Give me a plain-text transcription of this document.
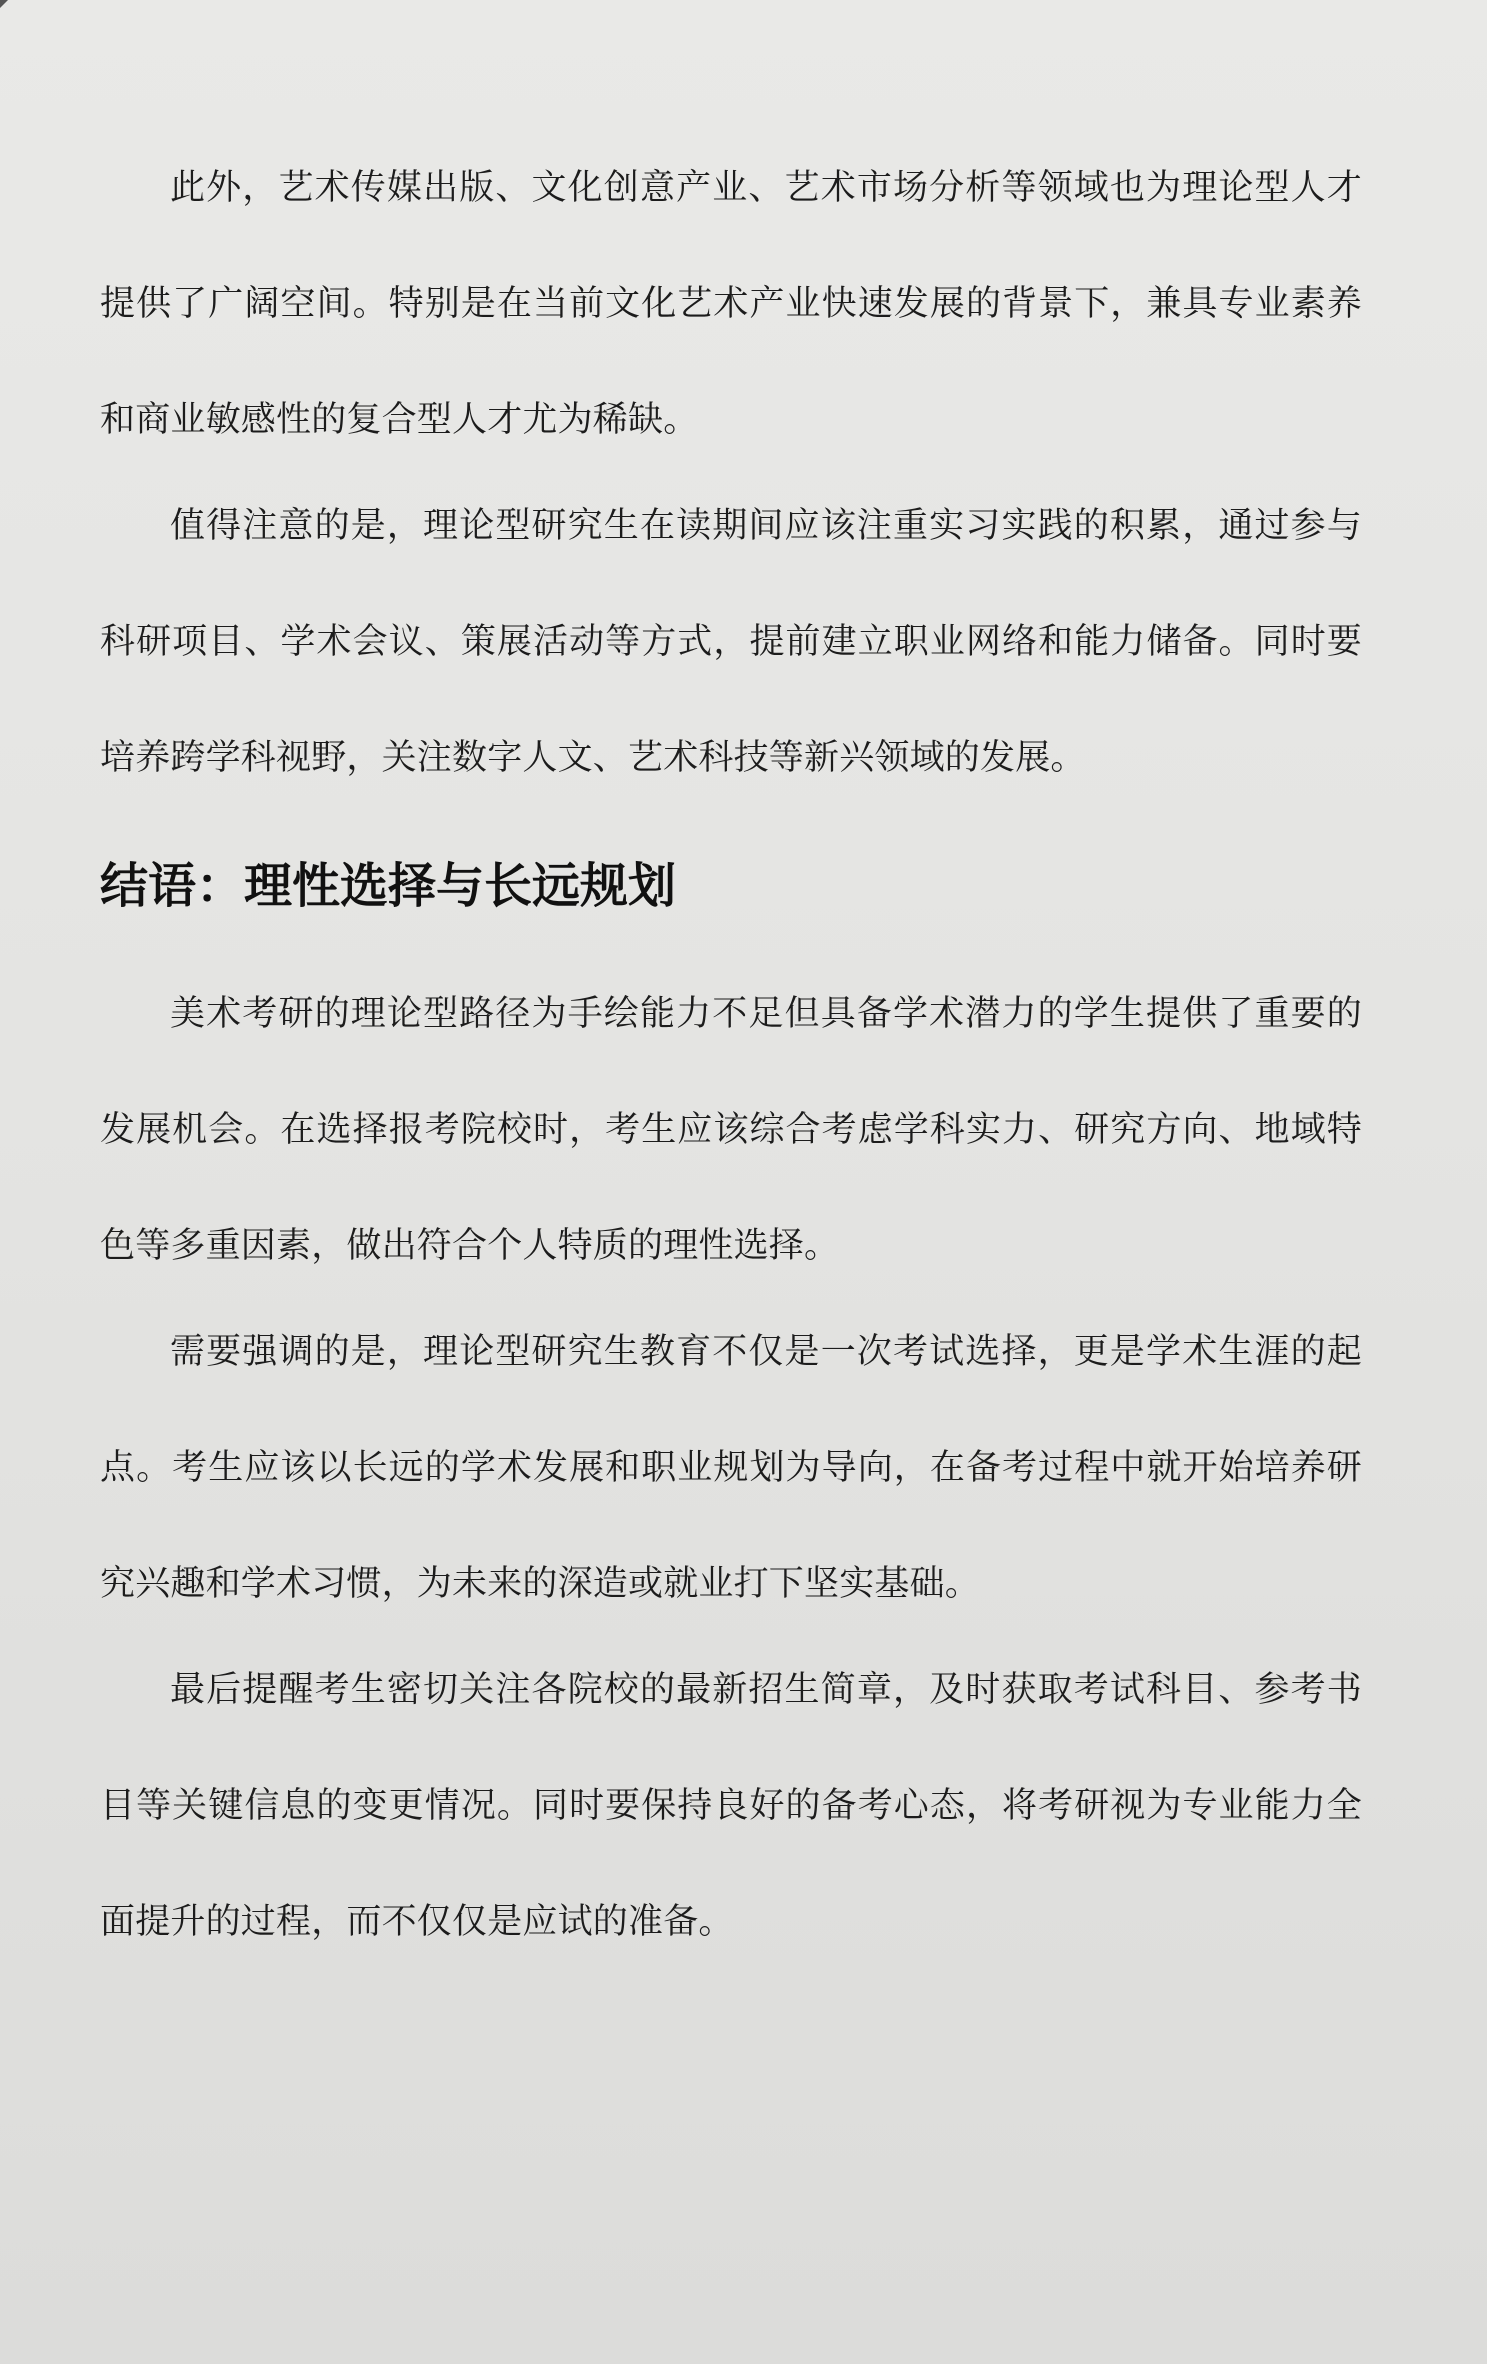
此外，艺术传媒出版、文化创意产业、艺术市场分析等领域也为理论型人才提供了广阔空间。特别是在当前文化艺术产业快速发展的背景下，兼具专业素养和商业敏感性的复合型人才尤为稀缺。

值得注意的是，理论型研究生在读期间应该注重实习实践的积累，通过参与科研项目、学术会议、策展活动等方式，提前建立职业网络和能力储备。同时要培养跨学科视野，关注数字人文、艺术科技等新兴领域的发展。

结语：理性选择与长远规划

美术考研的理论型路径为手绘能力不足但具备学术潜力的学生提供了重要的发展机会。在选择报考院校时，考生应该综合考虑学科实力、研究方向、地域特色等多重因素，做出符合个人特质的理性选择。

需要强调的是，理论型研究生教育不仅是一次考试选择，更是学术生涯的起点。考生应该以长远的学术发展和职业规划为导向，在备考过程中就开始培养研究兴趣和学术习惯，为未来的深造或就业打下坚实基础。

最后提醒考生密切关注各院校的最新招生简章，及时获取考试科目、参考书目等关键信息的变更情况。同时要保持良好的备考心态，将考研视为专业能力全面提升的过程，而不仅仅是应试的准备。
